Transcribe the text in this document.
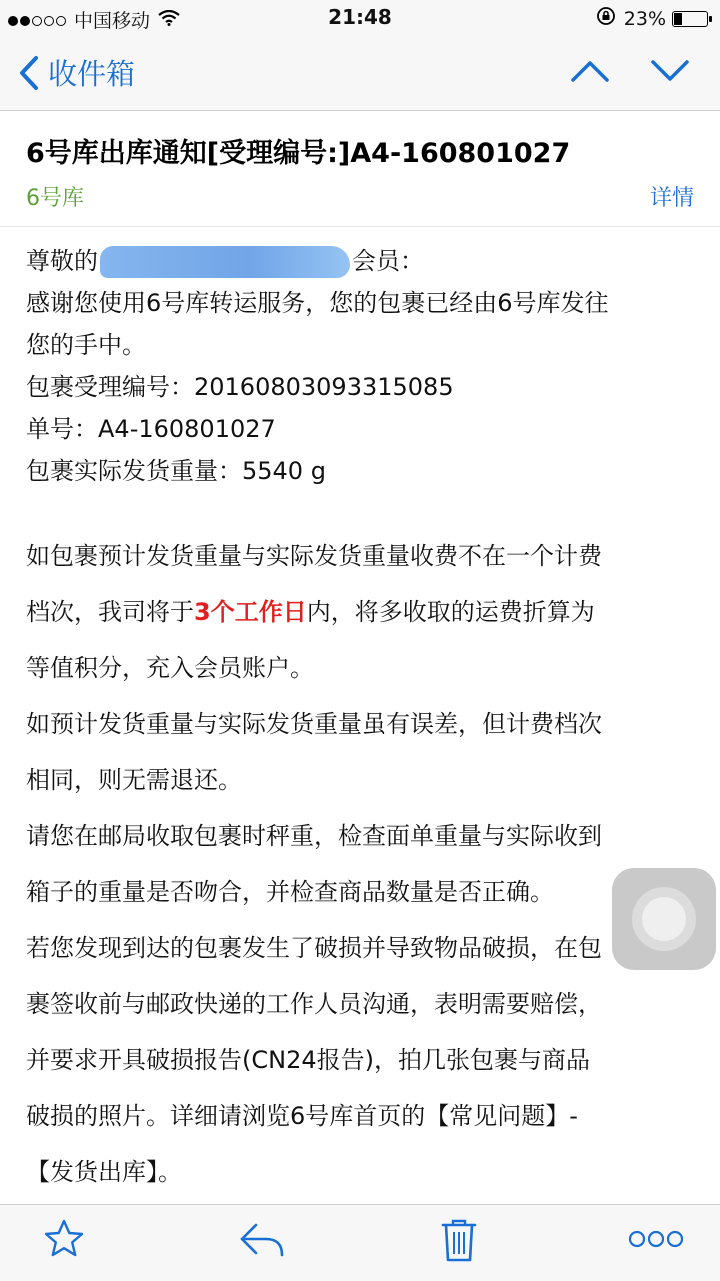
中国移动	21:48	23%
收件箱
6号库出库通知[受理编号:]A4-160801027
6号库	详情

尊敬的	会员：

感谢您使用6号库转运服务，您的包裹已经由6号库发往

您的手中。

包裹受理编号：20160803093315085

单号：A4-160801027

包裹实际发货重量：5540 g

如包裹预计发货重量与实际发货重量收费不在一个计费

档次，我司将于3个工作日内，将多收取的运费折算为

等值积分，充入会员账户。

如预计发货重量与实际发货重量虽有误差，但计费档次

相同，则无需退还。

请您在邮局收取包裹时秤重，检查面单重量与实际收到

箱子的重量是否吻合，并检查商品数量是否正确。

若您发现到达的包裹发生了破损并导致物品破损，在包

裹签收前与邮政快递的工作人员沟通，表明需要赔偿，

并要求开具破损报告(CN24报告)，拍几张包裹与商品

破损的照片。详细请浏览6号库首页的【常见问题】-

【发货出库】。
